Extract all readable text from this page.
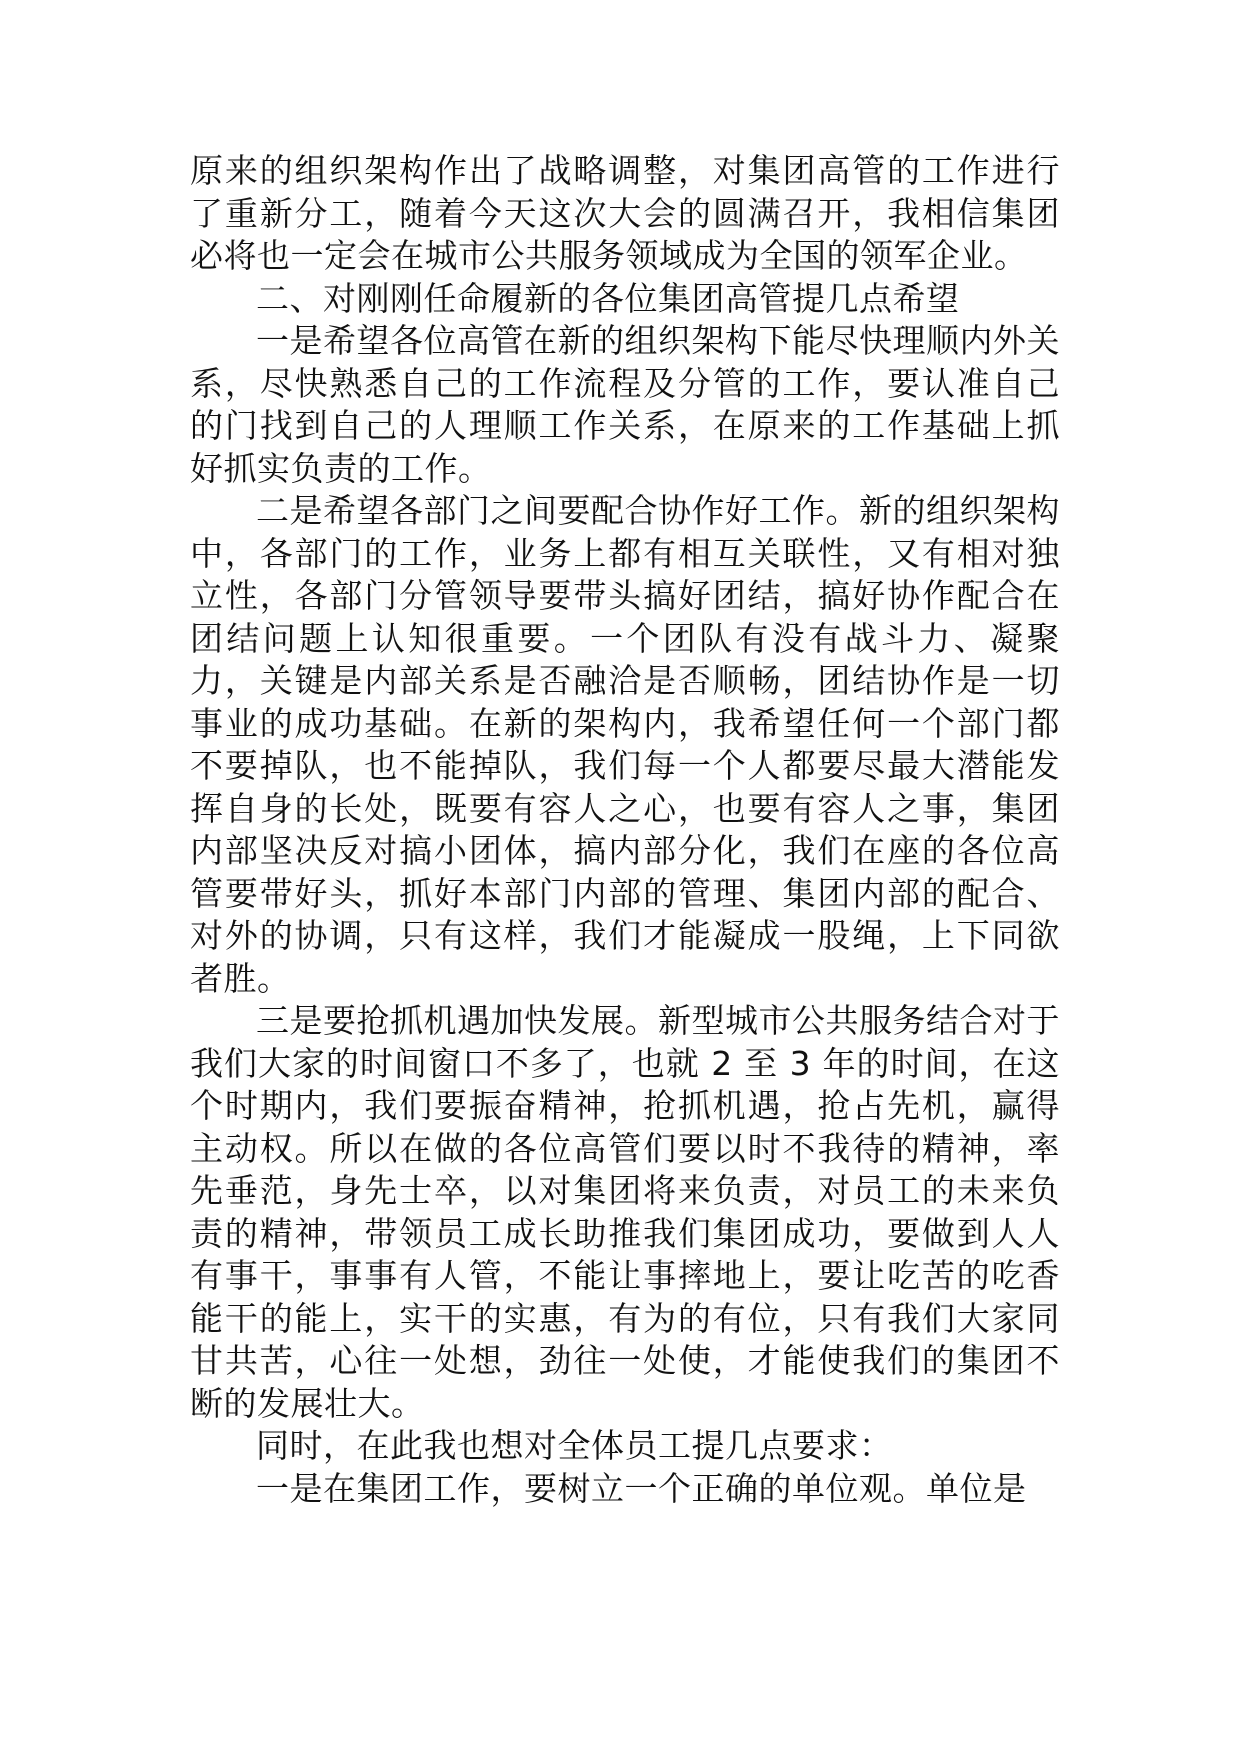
原来的组织架构作出了战略调整，对集团高管的工作进行了重新分工，随着今天这次大会的圆满召开，我相信集团必将也一定会在城市公共服务领域成为全国的领军企业。

二、对刚刚任命履新的各位集团高管提几点希望

一是希望各位高管在新的组织架构下能尽快理顺内外关系，尽快熟悉自己的工作流程及分管的工作，要认准自己的门找到自己的人理顺工作关系，在原来的工作基础上抓好抓实负责的工作。

二是希望各部门之间要配合协作好工作。新的组织架构中，各部门的工作，业务上都有相互关联性，又有相对独立性，各部门分管领导要带头搞好团结，搞好协作配合在团结问题上认知很重要。一个团队有没有战斗力、凝聚力，关键是内部关系是否融洽是否顺畅，团结协作是一切事业的成功基础。在新的架构内，我希望任何一个部门都不要掉队，也不能掉队，我们每一个人都要尽最大潜能发挥自身的长处，既要有容人之心，也要有容人之事，集团内部坚决反对搞小团体，搞内部分化，我们在座的各位高管要带好头，抓好本部门内部的管理、集团内部的配合、对外的协调，只有这样，我们才能凝成一股绳，上下同欲者胜。

三是要抢抓机遇加快发展。新型城市公共服务结合对于我们大家的时间窗口不多了，也就 2 至 3 年的时间，在这个时期内，我们要振奋精神，抢抓机遇，抢占先机，赢得主动权。所以在做的各位高管们要以时不我待的精神，率先垂范，身先士卒，以对集团将来负责，对员工的未来负责的精神，带领员工成长助推我们集团成功，要做到人人有事干，事事有人管，不能让事摔地上，要让吃苦的吃香能干的能上，实干的实惠，有为的有位，只有我们大家同甘共苦，心往一处想，劲往一处使，才能使我们的集团不断的发展壮大。

同时，在此我也想对全体员工提几点要求：

一是在集团工作，要树立一个正确的单位观。单位是
